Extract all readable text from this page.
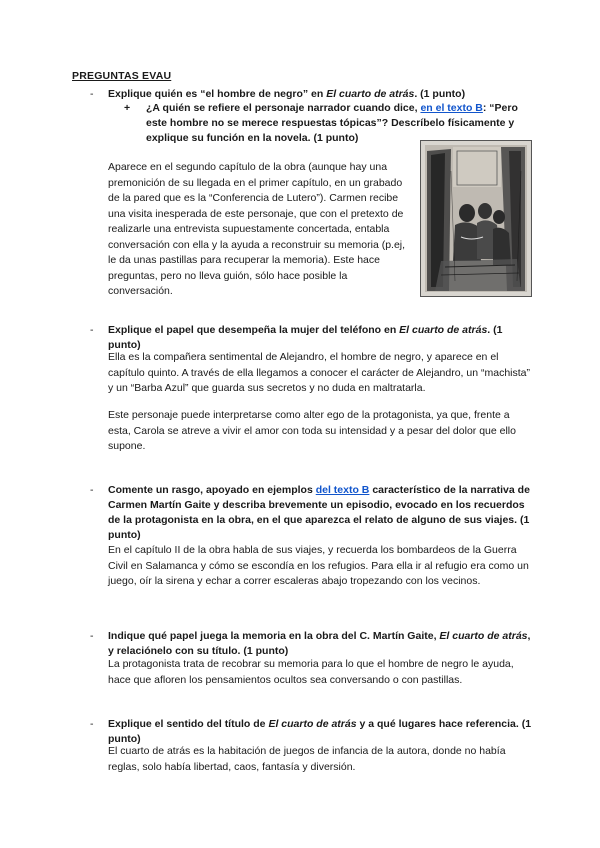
PREGUNTAS EVAU
- Explique quién es “el hombre de negro” en El cuarto de atrás. (1 punto)
+ ¿A quién se refiere el personaje narrador cuando dice, en el texto B: “Pero este hombre no se merece respuestas tópicas”? Descríbelo físicamente y explique su función en la novela. (1 punto)
Aparece en el segundo capítulo de la obra (aunque hay una premonición de su llegada en el primer capítulo, en un grabado de la pared que es la “Conferencia de Lutero”). Carmen recibe una visita inesperada de este personaje, que con el pretexto de realizarle una entrevista supuestamente concertada, entabla conversación con ella y la ayuda a reconstruir su memoria (p.ej, le da unas pastillas para recuperar la memoria). Este hace preguntas, pero no lleva guión, sólo hace posible la conversación.
- Explique el papel que desempeña la mujer del teléfono en El cuarto de atrás. (1 punto)
Ella es la compañera sentimental de Alejandro, el hombre de negro, y aparece en el capítulo quinto. A través de ella llegamos a conocer el carácter de Alejandro, un “machista” y un “Barba Azul” que guarda sus secretos y no duda en maltratarla.
Este personaje puede interpretarse como alter ego de la protagonista, ya que, frente a esta, Carola se atreve a vivir el amor con toda su intensidad y a pesar del dolor que ello supone.
- Comente un rasgo, apoyado en ejemplos del texto B característico de la narrativa de Carmen Martín Gaite y describa brevemente un episodio, evocado en los recuerdos de la protagonista en la obra, en el que aparezca el relato de alguno de sus viajes. (1 punto)
En el capítulo II de la obra habla de sus viajes, y recuerda los bombardeos de la Guerra Civil en Salamanca y cómo se escondía en los refugios. Para ella ir al refugio era como un juego, oír la sirena y echar a correr escaleras abajo tropezando con los vecinos.
- Indique qué papel juega la memoria en la obra del C. Martín Gaite, El cuarto de atrás, y relaciónelo con su título. (1 punto)
La protagonista trata de recobrar su memoria para lo que el hombre de negro le ayuda, hace que afloren los pensamientos ocultos sea conversando o con pastillas.
- Explique el sentido del título de El cuarto de atrás y a qué lugares hace referencia. (1 punto)
El cuarto de atrás es la habitación de juegos de infancia de la autora, donde no había reglas, solo había libertad, caos, fantasía y diversión.
